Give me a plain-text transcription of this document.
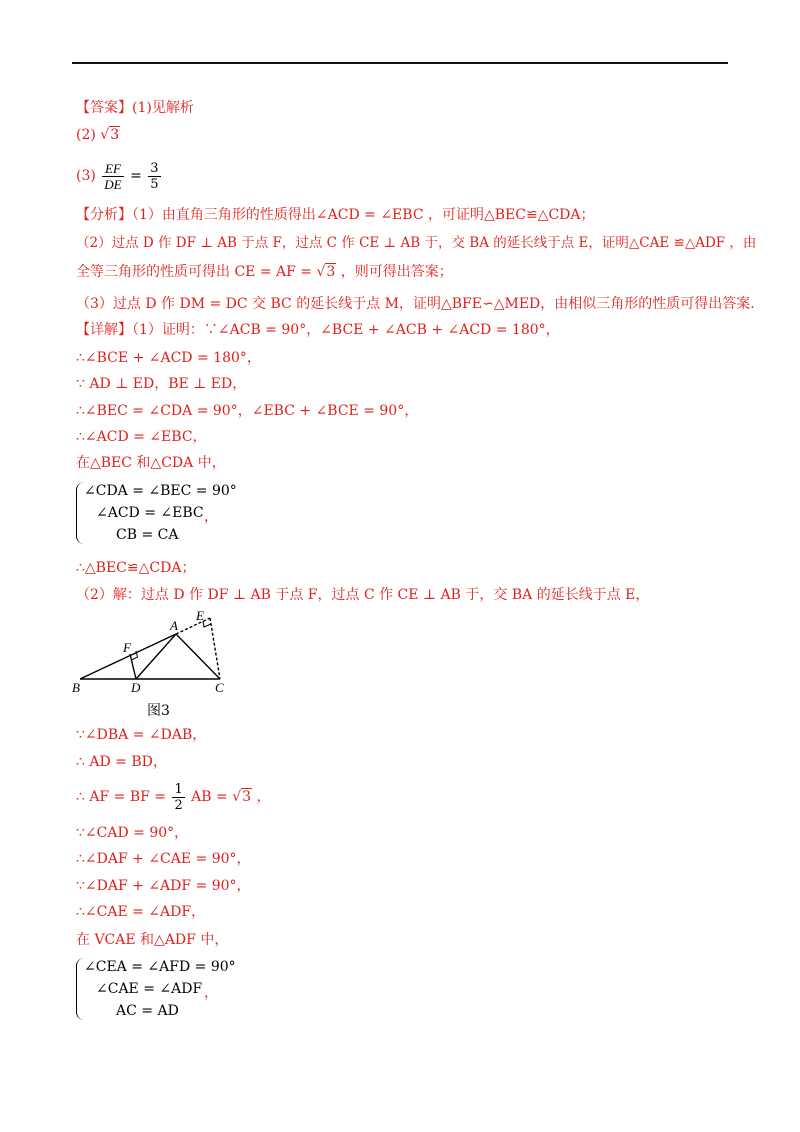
【答案】(1)见解析
(2) √3
$(3) \frac{EF}{DE} = \frac{3}{5}$
【分析】（1）由直角三角形的性质得出∠ACD = ∠EBC ，可证明△BEC≌△CDA；
（2）过点 D 作 DF ⊥ AB 于点 F，过点 C 作 CE ⊥ AB 于，交 BA 的延长线于点 E，证明△CAE ≌△ADF ，由
全等三角形的性质可得出 CE = AF = √3 ，则可得出答案；
（3）过点 D 作 DM = DC 交 BC 的延长线于点 M，证明△BFE∽△MED，由相似三角形的性质可得出答案.
【详解】（1）证明：∵∠ACB = 90°，∠BCE + ∠ACB + ∠ACD = 180°，
∴∠BCE + ∠ACD = 180°，
∵ AD ⊥ ED，BE ⊥ ED，
∴∠BEC = ∠CDA = 90°，∠EBC + ∠BCE = 90°，
∴∠ACD = ∠EBC，
在△BEC 和△CDA 中，
∠CDA = ∠BEC = 90°
∠ACD = ∠EBC
CB = CA
，
∴△BEC≌△CDA；
（2）解：过点 D 作 DF ⊥ AB 于点 F，过点 C 作 CE ⊥ AB 于，交 BA 的延长线于点 E，
B	D	C
A
F
E
图3
∵∠DBA = ∠DAB，
∴ AD = BD，
∴ AF = BF = $\frac{1}{2}$ AB = √3 ，
∵∠CAD = 90°，
∴∠DAF + ∠CAE = 90°，
∵∠DAF + ∠ADF = 90°，
∴∠CAE = ∠ADF，
在 VCAE 和△ADF 中，
∠CEA = ∠AFD = 90°
∠CAE = ∠ADF
AC = AD
，
